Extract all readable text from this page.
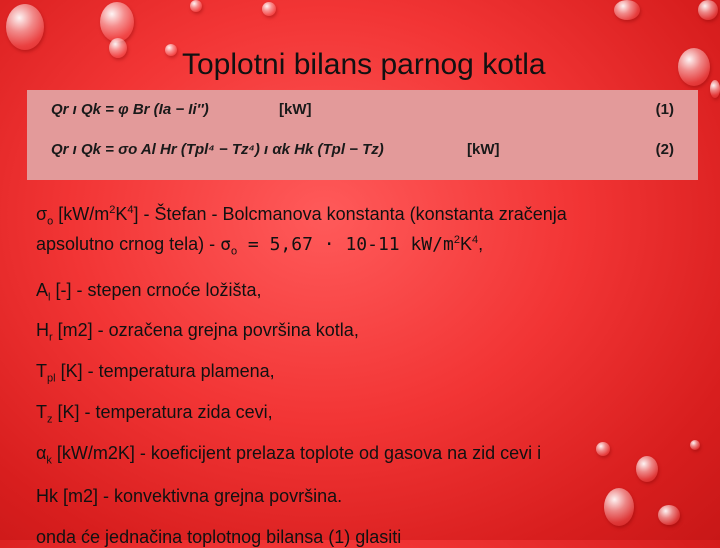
Toplotni bilans parnog kotla
Qr ı Qk = φ Br (Ia − Ii″)	[kW]	(1)
Qr ı Qk = σo Al Hr (Tpl⁴ − Tz⁴) ı αk Hk (Tpl − Tz)	[kW]	(2)
$\sigma_o$ $[kW/m^2K^4]$ - Štefan - Bolcmanova konstanta (konstanta zračenja
apsolutno crnog tela) - $\sigma_o = 5,67 \cdot 10-11$ $kW/m^2K^4$,
$A_l$ [-] - stepen crnoće ložišta,
$H_r$ [m2] - ozračena grejna površina kotla,
$T_{pl}$ [K] - temperatura plamena,
$T_z$ [K] - temperatura zida cevi,
$\alpha_k$ [kW/m2K] - koeficijent prelaza toplote od gasova na zid cevi i
Hk [m2] - konvektivna grejna površina.
onda će jednačina toplotnog bilansa (1) glasiti
